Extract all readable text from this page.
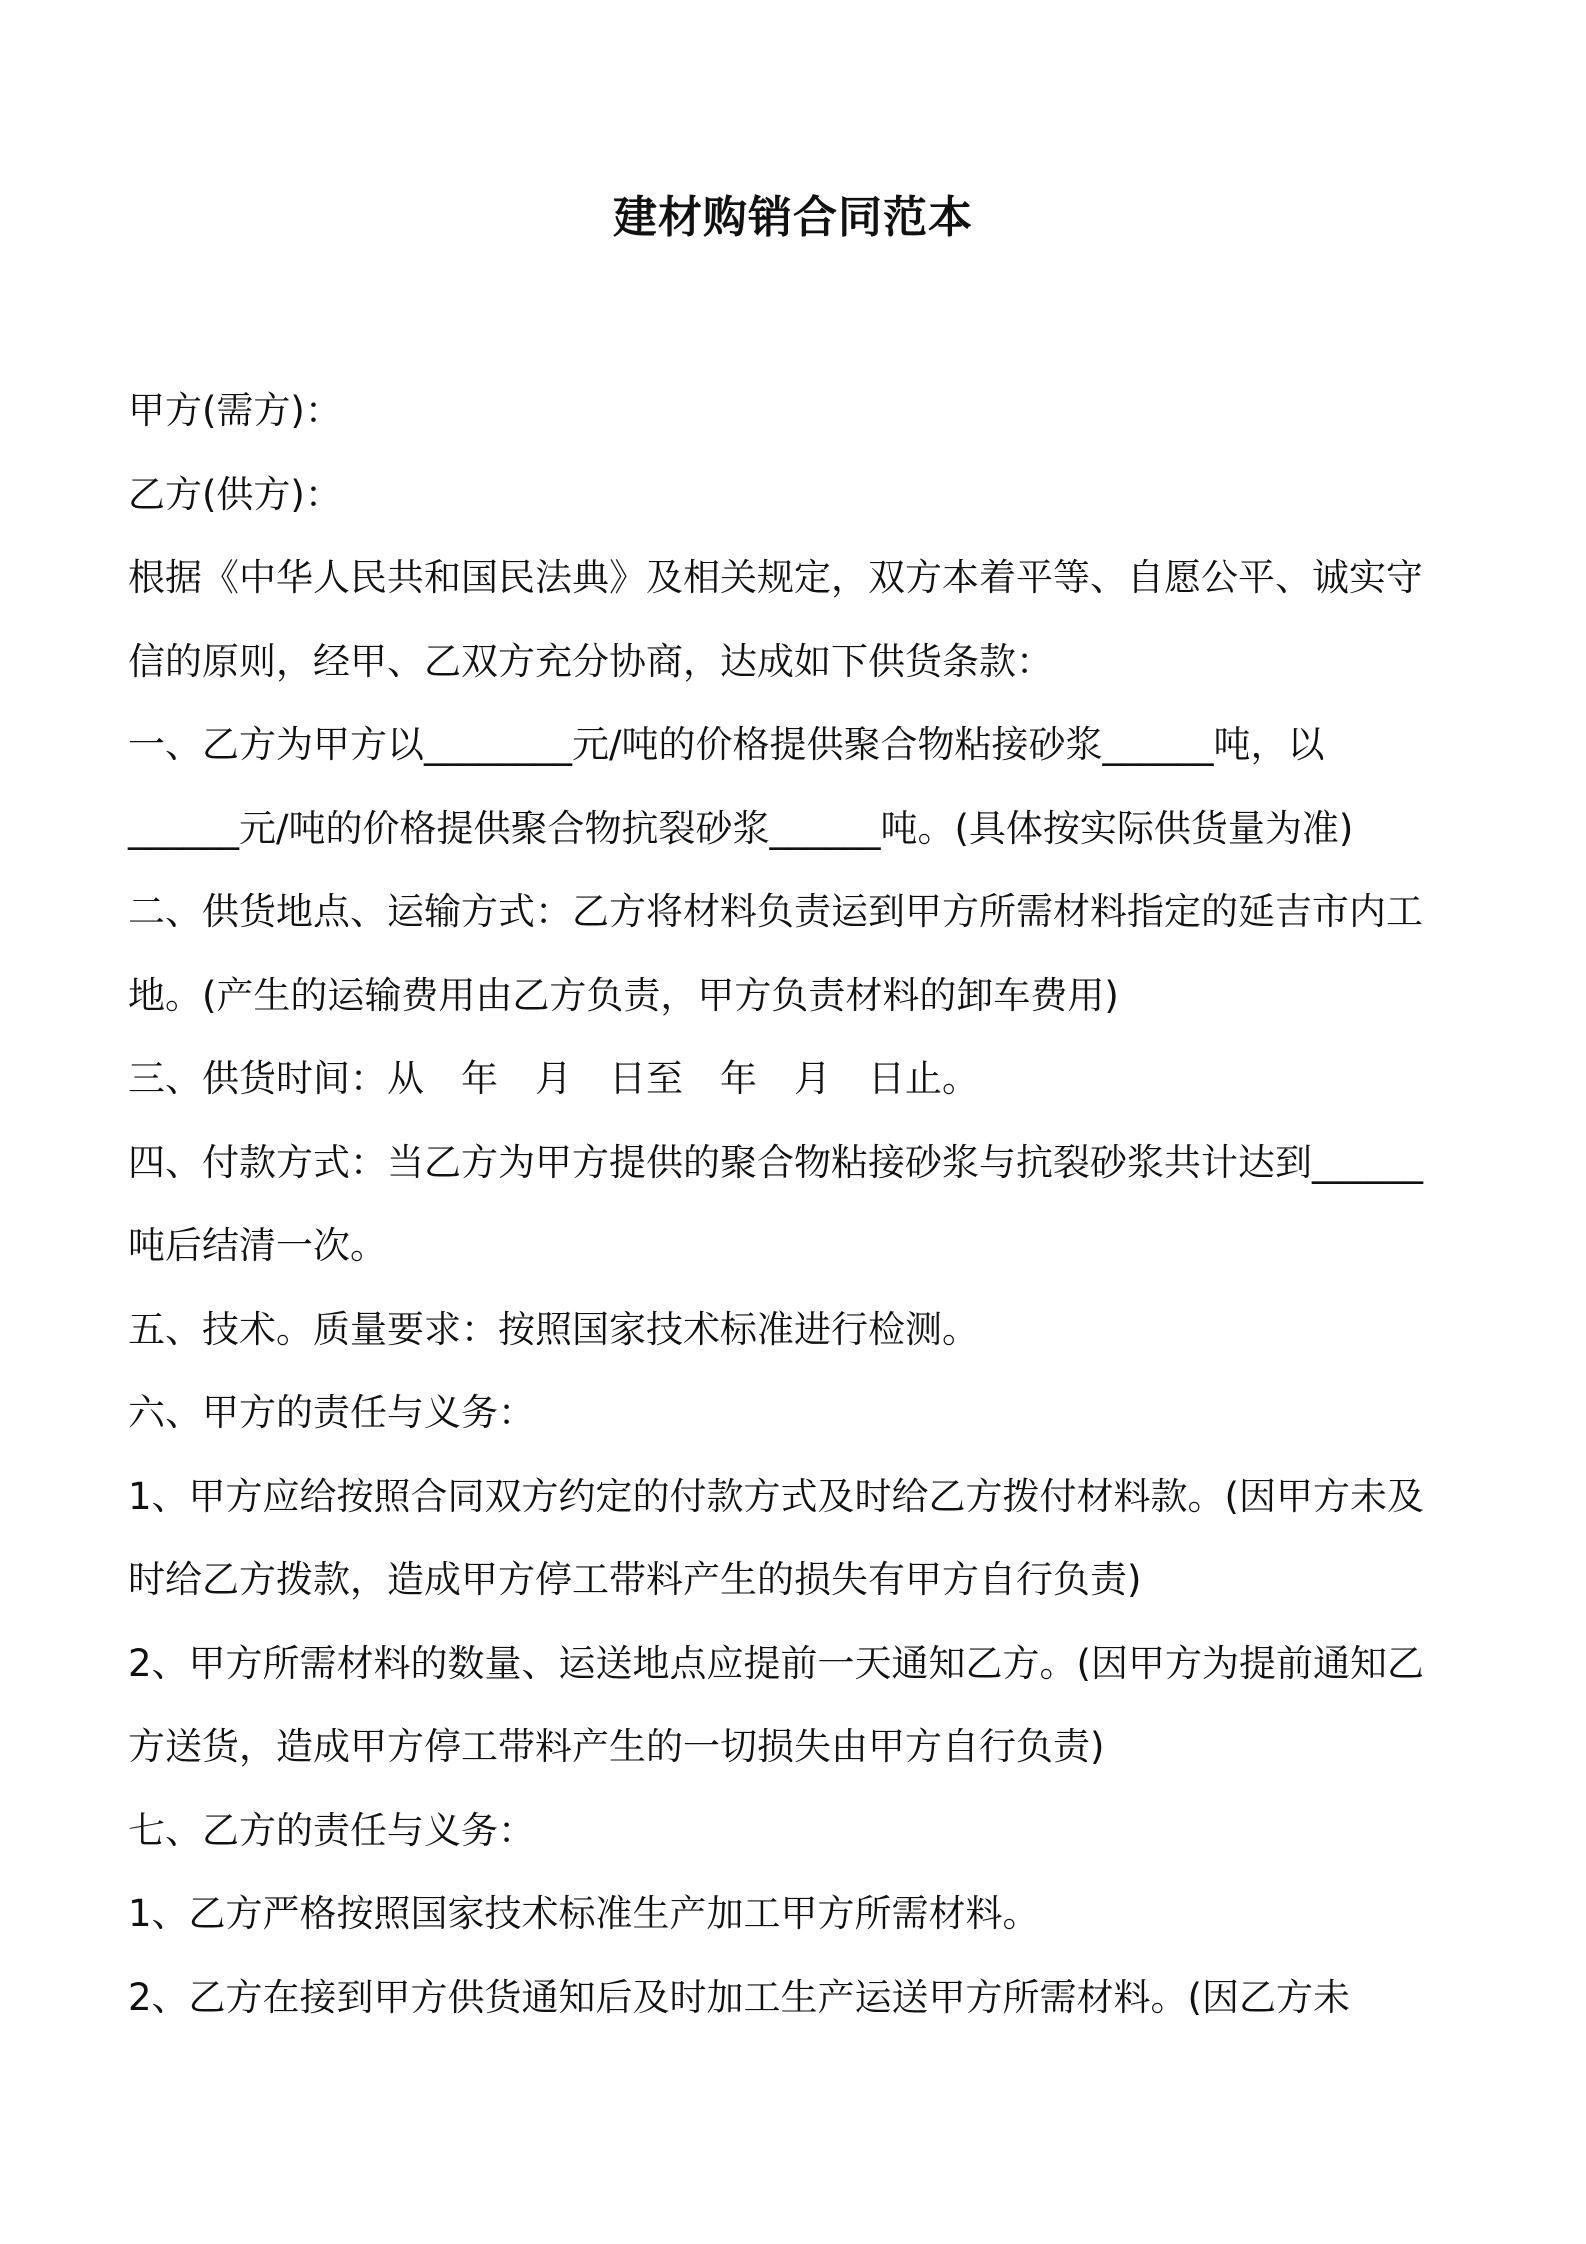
建材购销合同范本
甲方(需方)：
乙方(供方)：
根据《中华人民共和国民法典》及相关规定，双方本着平等、自愿公平、诚实守
信的原则，经甲、乙双方充分协商，达成如下供货条款：
一、乙方为甲方以________元/吨的价格提供聚合物粘接砂浆______吨，以
______元/吨的价格提供聚合物抗裂砂浆______吨。(具体按实际供货量为准)
二、供货地点、运输方式：乙方将材料负责运到甲方所需材料指定的延吉市内工
地。(产生的运输费用由乙方负责，甲方负责材料的卸车费用)
三、供货时间：从　年　月　日至　年　月　日止。
四、付款方式：当乙方为甲方提供的聚合物粘接砂浆与抗裂砂浆共计达到______
吨后结清一次。
五、技术。质量要求：按照国家技术标准进行检测。
六、甲方的责任与义务：
1、甲方应给按照合同双方约定的付款方式及时给乙方拨付材料款。(因甲方未及
时给乙方拨款，造成甲方停工带料产生的损失有甲方自行负责)
2、甲方所需材料的数量、运送地点应提前一天通知乙方。(因甲方为提前通知乙
方送货，造成甲方停工带料产生的一切损失由甲方自行负责)
七、乙方的责任与义务：
1、乙方严格按照国家技术标准生产加工甲方所需材料。
2、乙方在接到甲方供货通知后及时加工生产运送甲方所需材料。(因乙方未
